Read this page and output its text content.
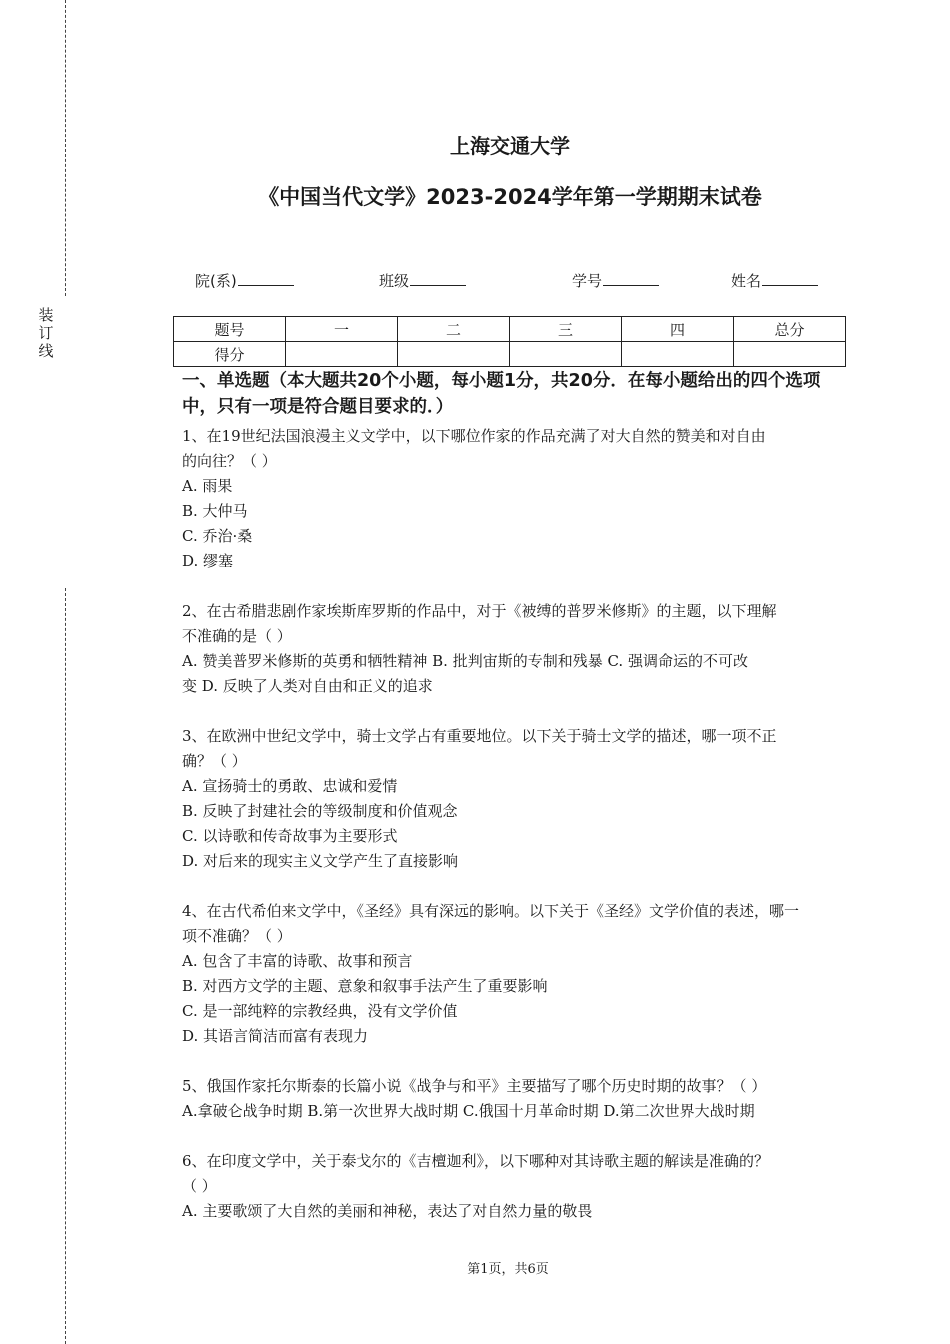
装
订
线
上海交通大学
《中国当代文学》2023-2024学年第一学期期末试卷
院(系)	班级	学号	姓名
题号	一	二	三	四	总分
得分					

一、单选题（本大题共20个小题，每小题1分，共20分．在每小题给出的四个选项中，只有一项是符合题目要求的．）

1、在19世纪法国浪漫主义文学中，以下哪位作家的作品充满了对大自然的赞美和对自由

的向往？（ ）

A. 雨果

B. 大仲马

C. 乔治·桑

D. 缪塞

2、在古希腊悲剧作家埃斯库罗斯的作品中，对于《被缚的普罗米修斯》的主题，以下理解

不准确的是（ ）

A. 赞美普罗米修斯的英勇和牺牲精神 B. 批判宙斯的专制和残暴 C. 强调命运的不可改

变 D. 反映了人类对自由和正义的追求

3、在欧洲中世纪文学中，骑士文学占有重要地位。以下关于骑士文学的描述，哪一项不正

确？（ ）

A. 宣扬骑士的勇敢、忠诚和爱情

B. 反映了封建社会的等级制度和价值观念

C. 以诗歌和传奇故事为主要形式

D. 对后来的现实主义文学产生了直接影响

4、在古代希伯来文学中，《圣经》具有深远的影响。以下关于《圣经》文学价值的表述，哪一

项不准确？（ ）

A. 包含了丰富的诗歌、故事和预言

B. 对西方文学的主题、意象和叙事手法产生了重要影响

C. 是一部纯粹的宗教经典，没有文学价值

D. 其语言简洁而富有表现力

5、俄国作家托尔斯泰的长篇小说《战争与和平》主要描写了哪个历史时期的故事？（ ）

A.拿破仑战争时期 B.第一次世界大战时期 C.俄国十月革命时期 D.第二次世界大战时期

6、在印度文学中，关于泰戈尔的《吉檀迦利》，以下哪种对其诗歌主题的解读是准确的？

（ ）

A. 主要歌颂了大自然的美丽和神秘，表达了对自然力量的敬畏

第1页，共6页
